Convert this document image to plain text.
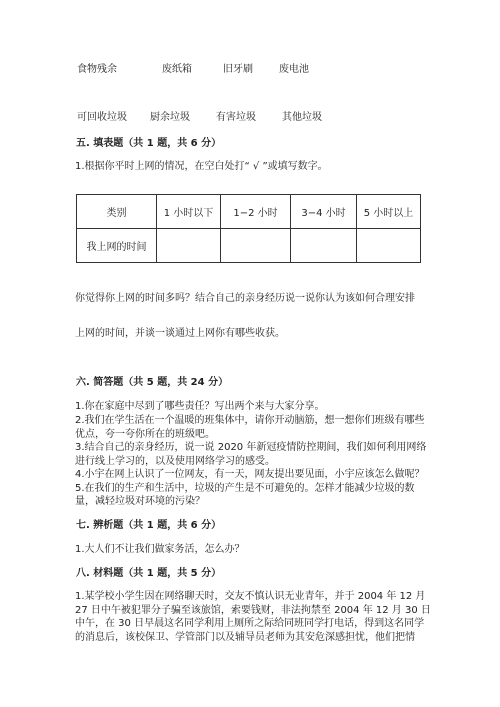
食物残余	废纸箱	旧牙刷	废电池
可回收垃圾 厨余垃圾	有害垃圾	其他垃圾
五. 填表题（共 1 题，共 6 分）
1.根据你平时上网的情况，在空白处打“ √ ”或填写数字。
类别	1 小时以下	1−2 小时	3−4 小时	5 小时以上
我上网的时间				
你觉得你上网的时间多吗？结合自己的亲身经历说一说你认为该如何合理安排
上网的时间，并谈一谈通过上网你有哪些收获。
六. 简答题（共 5 题，共 24 分）
1.你在家庭中尽到了哪些责任？写出两个来与大家分享。
2.我们在学生活在一个温暖的班集体中，请你开动脑筋，想一想你们班级有哪些
优点，夸一夸你所在的班级吧。
3.结合自己的亲身经历，说一说 2020 年新冠疫情防控期间，我们如何利用网络
进行线上学习的，以及使用网络学习的感受。
4.小宇在网上认识了一位网友，有一天，网友提出要见面，小宇应该怎么做呢？
5.在我们的生产和生活中，垃圾的产生是不可避免的。怎样才能减少垃圾的数
量，减轻垃圾对环境的污染？
七. 辨析题（共 1 题，共 6 分）
1.大人们不让我们做家务活，怎么办？
八. 材料题（共 1 题，共 5 分）
1.某学校小学生因在网络聊天时，交友不慎认识无业青年，并于 2004 年 12 月
27 日中午被犯罪分子骗至该旅馆，索要钱财，非法拘禁至 2004 年 12 月 30 日
中午，在 30 日早晨这名同学利用上厕所之际给同班同学打电话，得到这名同学
的消息后，该校保卫、学管部门以及辅导员老师为其安危深感担忧，他们把情
